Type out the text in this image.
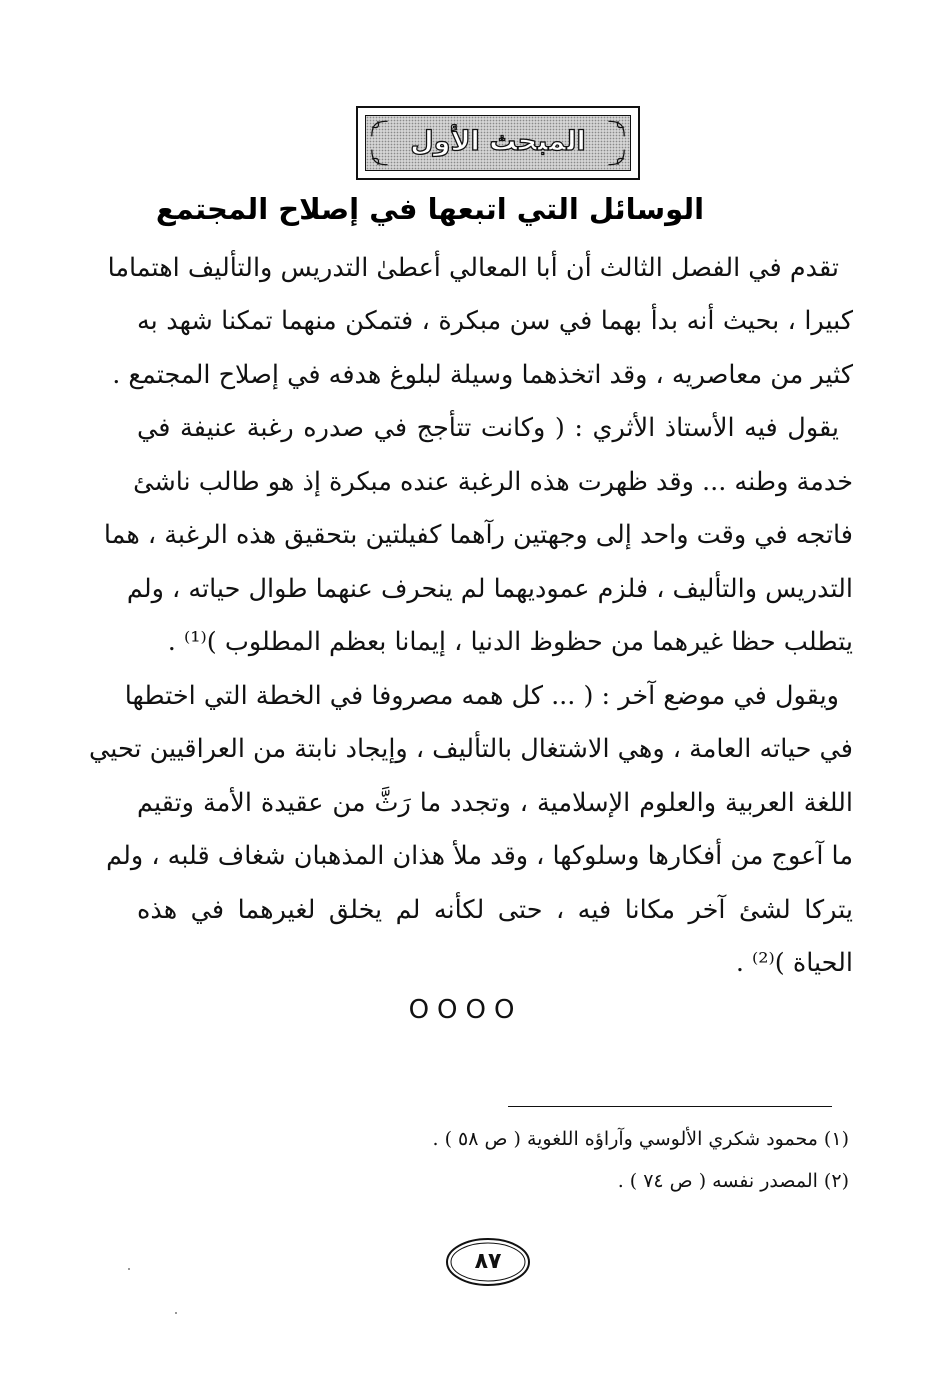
المبحث الأول
الوسائل التي اتبعها في إصلاح المجتمع
تقدم في الفصل الثالث أن أبا المعالي أعطىٰ التدريس والتأليف اهتماما
كبيرا ، بحيث أنه بدأ بهما في سن مبكرة ، فتمكن منهما تمكنا شهد به
كثير من معاصريه ، وقد اتخذهما وسيلة لبلوغ هدفه في إصلاح المجتمع .
يقول فيه الأستاذ الأثري : ( وكانت تتأجج في صدره رغبة عنيفة في
خدمة وطنه ... وقد ظهرت هذه الرغبة عنده مبكرة إذ هو طالب ناشئ
فاتجه في وقت واحد إلى وجهتين رآهما كفيلتين بتحقيق هذه الرغبة ، هما
التدريس والتأليف ، فلزم عموديهما لم ينحرف عنهما طوال حياته ، ولم
يتطلب حظا غيرهما من حظوظ الدنيا ، إيمانا بعظم المطلوب )⁽¹⁾ .
ويقول في موضع آخر : ( ... كل همه مصروفا في الخطة التي اختطها
في حياته العامة ، وهي الاشتغال بالتأليف ، وإيجاد نابتة من العراقيين تحيي
اللغة العربية والعلوم الإسلامية ، وتجدد ما رَثَّ من عقيدة الأمة وتقيم
ما آعوج من أفكارها وسلوكها ، وقد ملأ هذان المذهبان شغاف قلبه ، ولم
يتركا لشئ آخر مكانا فيه ، حتى لكأنه لم يخلق لغيرهما في هذه
الحياة )⁽²⁾ .
OOOO
(١) محمود شكري الألوسي وآراؤه اللغوية ( ص ٥٨ ) .
(٢) المصدر نفسه ( ص ٧٤ ) .
٨٧
